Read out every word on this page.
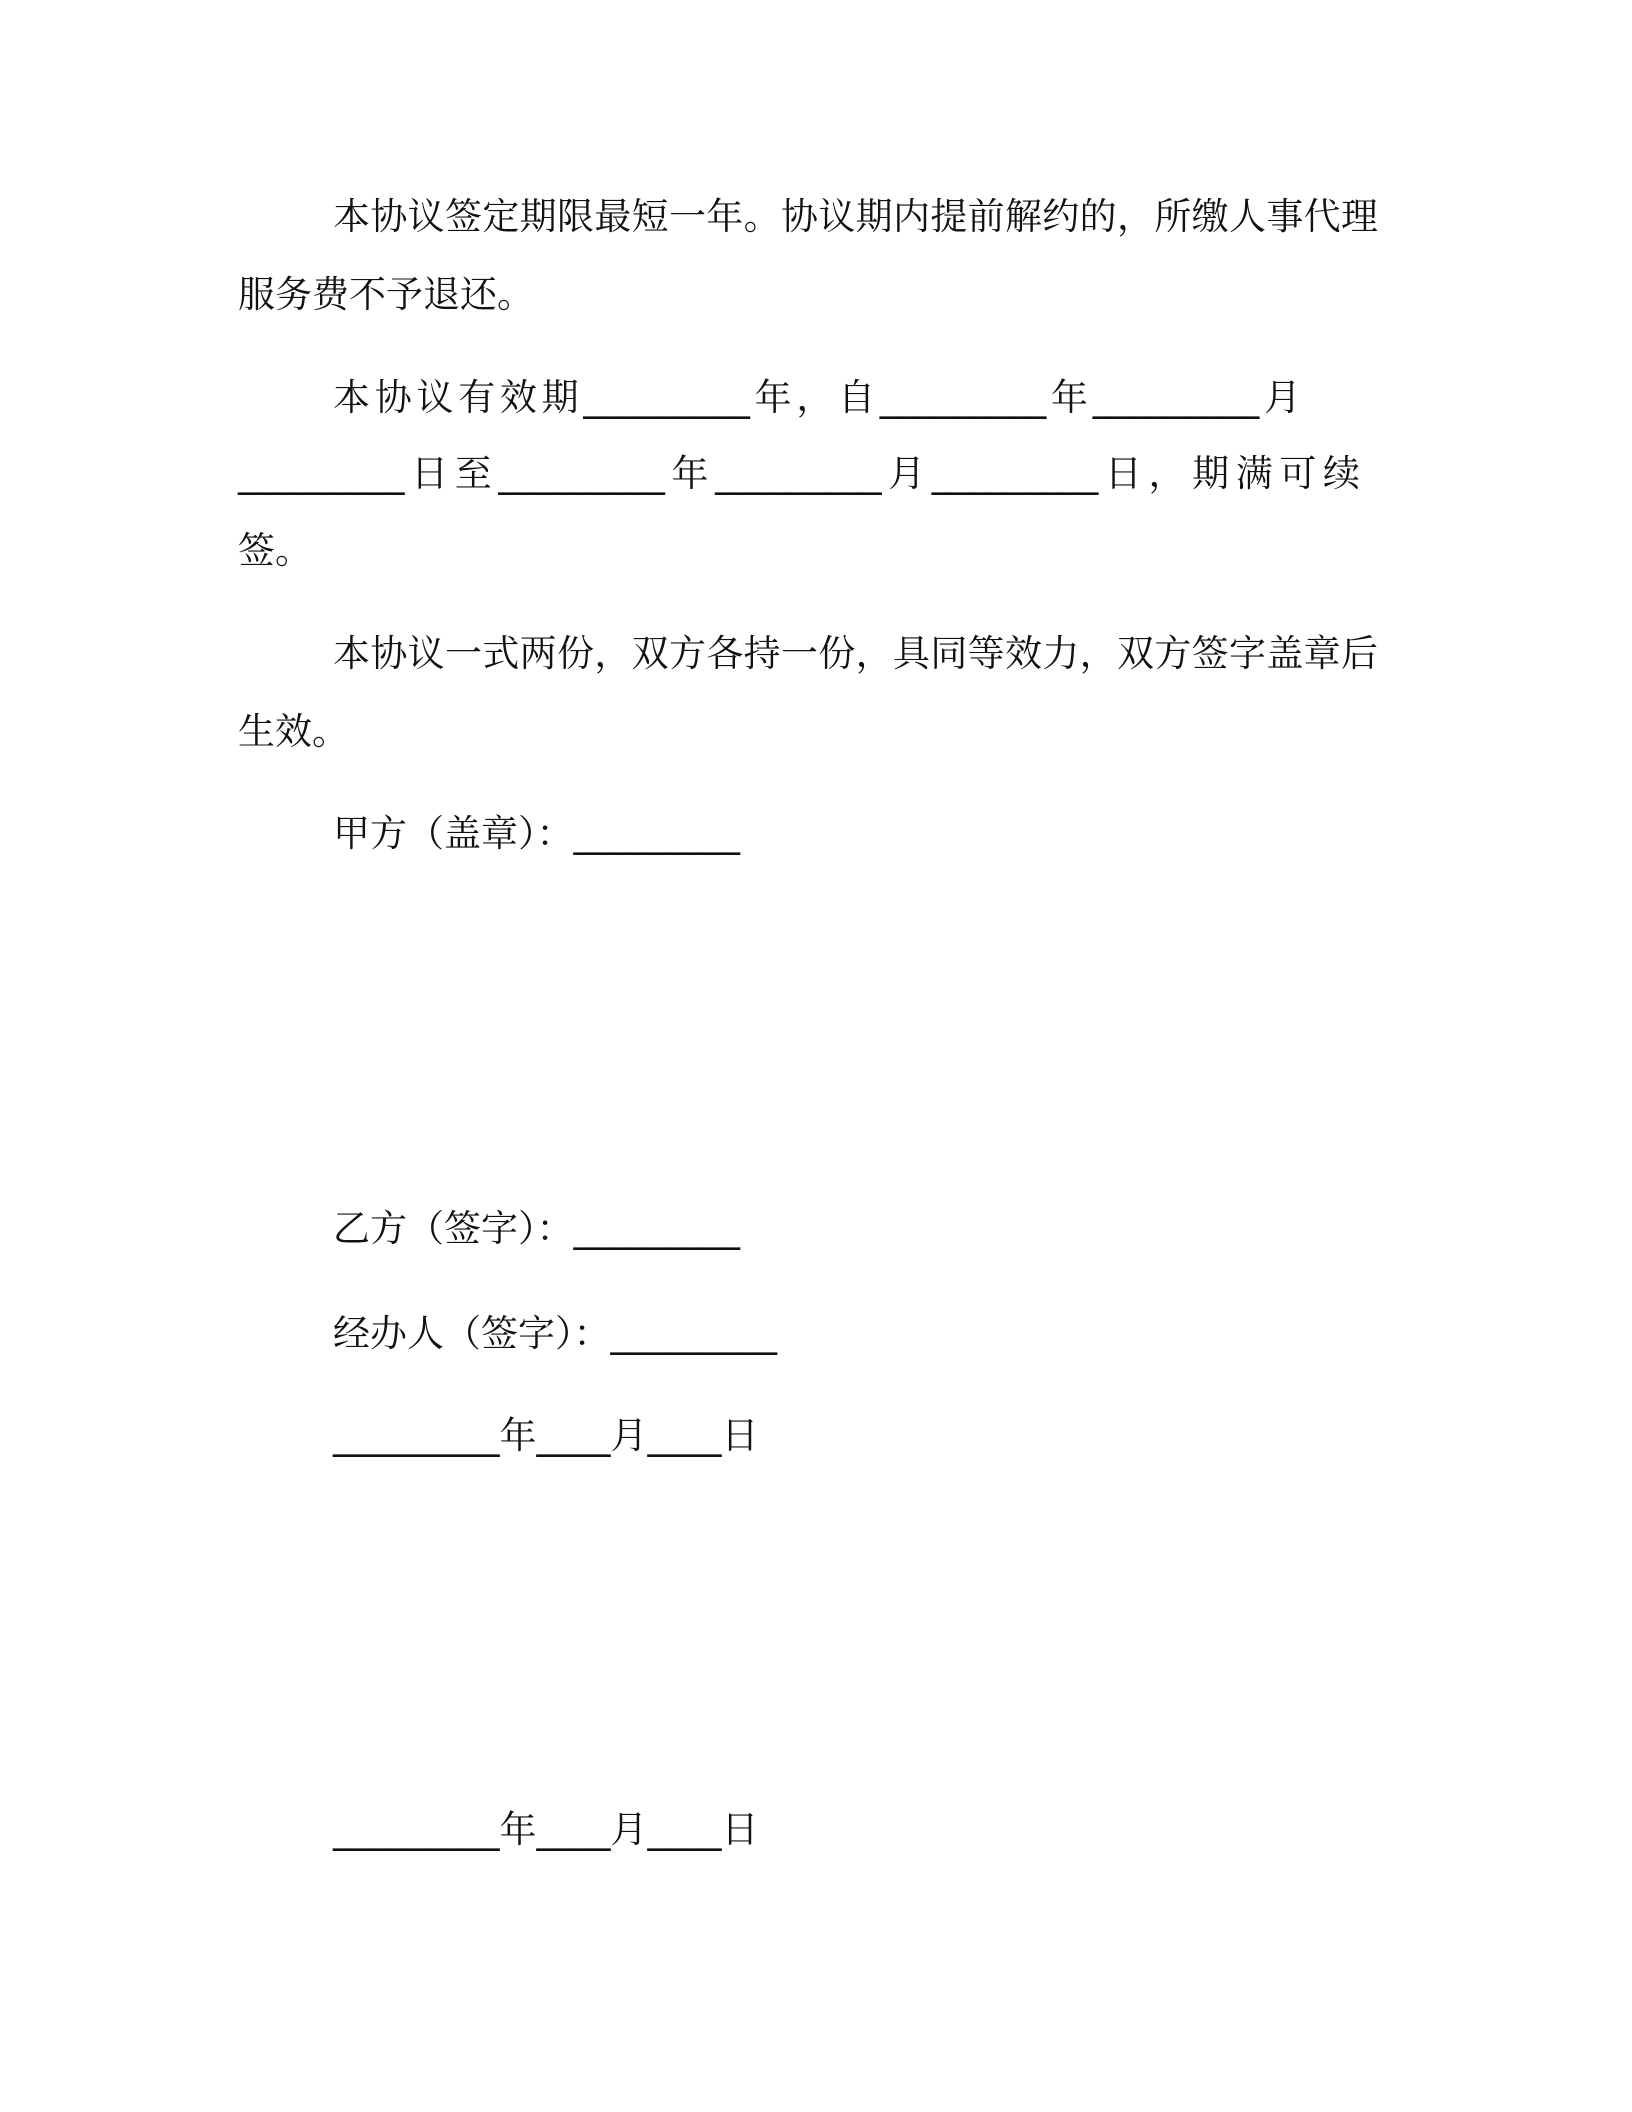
本协议签定期限最短一年。协议期内提前解约的，所缴人事代理
服务费不予退还。
本协议有效期_________年，自_________年_________月
_________日至_________年_________月_________日，期满可续
签。
本协议一式两份，双方各持一份，具同等效力，双方签字盖章后
生效。
甲方（盖章）：_________
乙方（签字）：_________
经办人（签字）：_________
_________年____月____日
_________年____月____日
